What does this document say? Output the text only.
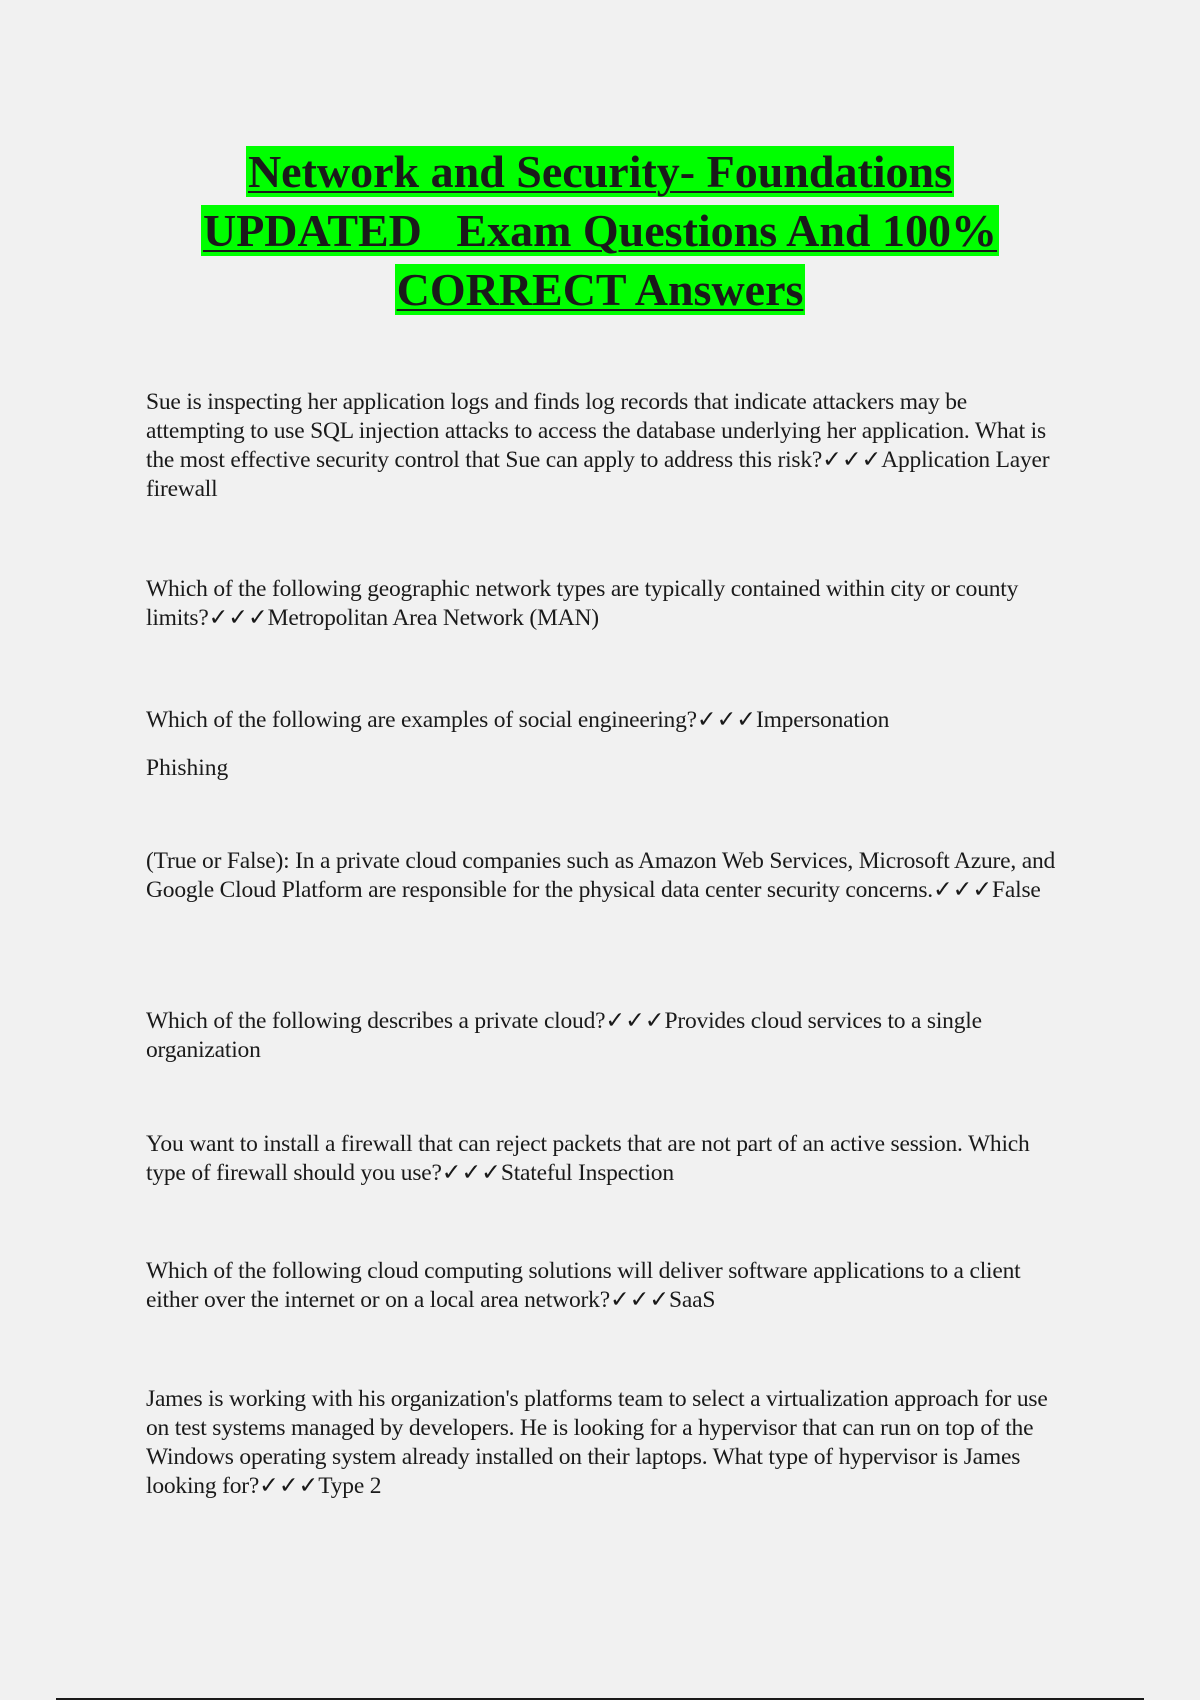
Network and Security- Foundations
UPDATED   Exam Questions And 100%
CORRECT Answers

Sue is inspecting her application logs and finds log records that indicate attackers may be attempting to use SQL injection attacks to access the database underlying her application. What is the most effective security control that Sue can apply to address this risk?✓✓✓Application Layer firewall

Which of the following geographic network types are typically contained within city or county limits?✓✓✓Metropolitan Area Network (MAN)

Which of the following are examples of social engineering?✓✓✓Impersonation

Phishing

(True or False): In a private cloud companies such as Amazon Web Services, Microsoft Azure, and Google Cloud Platform are responsible for the physical data center security concerns.✓✓✓False

Which of the following describes a private cloud?✓✓✓Provides cloud services to a single organization

You want to install a firewall that can reject packets that are not part of an active session. Which type of firewall should you use?✓✓✓Stateful Inspection

Which of the following cloud computing solutions will deliver software applications to a client either over the internet or on a local area network?✓✓✓SaaS

James is working with his organization's platforms team to select a virtualization approach for use on test systems managed by developers. He is looking for a hypervisor that can run on top of the Windows operating system already installed on their laptops. What type of hypervisor is James looking for?✓✓✓Type 2
